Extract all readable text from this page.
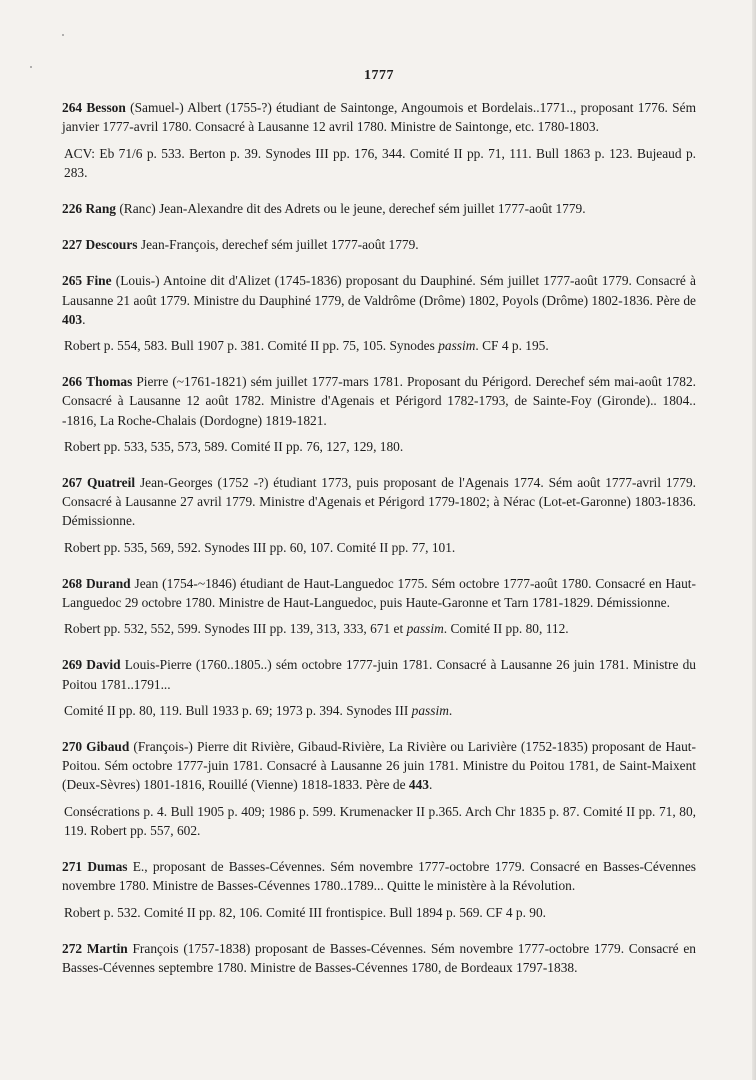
1777

264 Besson (Samuel-) Albert (1755-?) étudiant de Saintonge, Angoumois et Bordelais..1771.., proposant 1776. Sém janvier 1777-avril 1780. Consacré à Lausanne 12 avril 1780. Ministre de Saintonge, etc. 1780-1803.

ACV: Eb 71/6 p. 533. Berton p. 39. Synodes III pp. 176, 344. Comité II pp. 71, 111. Bull 1863 p. 123. Bujeaud p. 283.

226 Rang (Ranc) Jean-Alexandre dit des Adrets ou le jeune, derechef sém juillet 1777-août 1779.

227 Descours Jean-François, derechef sém juillet 1777-août 1779.

265 Fine (Louis-) Antoine dit d'Alizet (1745-1836) proposant du Dauphiné. Sém juillet 1777-août 1779. Consacré à Lausanne 21 août 1779. Ministre du Dauphiné 1779, de Valdrôme (Drôme) 1802, Poyols (Drôme) 1802-1836. Père de 403.

Robert p. 554, 583. Bull 1907 p. 381. Comité II pp. 75, 105. Synodes passim. CF 4 p. 195.

266 Thomas Pierre (~1761-1821) sém juillet 1777-mars 1781. Proposant du Périgord. Derechef sém mai-août 1782. Consacré à Lausanne 12 août 1782. Ministre d'Agenais et Périgord 1782-1793, de Sainte-Foy (Gironde).. 1804.. -1816, La Roche-Chalais (Dordogne) 1819-1821.

Robert pp. 533, 535, 573, 589. Comité II pp. 76, 127, 129, 180.

267 Quatreil Jean-Georges (1752 -?) étudiant 1773, puis proposant de l'Agenais 1774. Sém août 1777-avril 1779. Consacré à Lausanne 27 avril 1779. Ministre d'Agenais et Périgord 1779-1802; à Nérac (Lot-et-Garonne) 1803-1836. Démissionne.

Robert pp. 535, 569, 592. Synodes III pp. 60, 107. Comité II pp. 77, 101.

268 Durand Jean (1754-~1846) étudiant de Haut-Languedoc 1775. Sém octobre 1777-août 1780. Consacré en Haut-Languedoc 29 octobre 1780. Ministre de Haut-Languedoc, puis Haute-Garonne et Tarn 1781-1829. Démissionne.

Robert pp. 532, 552, 599. Synodes III pp. 139, 313, 333, 671 et passim. Comité II pp. 80, 112.

269 David Louis-Pierre (1760..1805..) sém octobre 1777-juin 1781. Consacré à Lausanne 26 juin 1781. Ministre du Poitou 1781..1791...

Comité II pp. 80, 119. Bull 1933 p. 69; 1973 p. 394. Synodes III passim.

270 Gibaud (François-) Pierre dit Rivière, Gibaud-Rivière, La Rivière ou Larivière (1752-1835) proposant de Haut-Poitou. Sém octobre 1777-juin 1781. Consacré à Lausanne 26 juin 1781. Ministre du Poitou 1781, de Saint-Maixent (Deux-Sèvres) 1801-1816, Rouillé (Vienne) 1818-1833. Père de 443.

Consécrations p. 4. Bull 1905 p. 409; 1986 p. 599. Krumenacker II p.365. Arch Chr 1835 p. 87. Comité II pp. 71, 80, 119. Robert pp. 557, 602.

271 Dumas E., proposant de Basses-Cévennes. Sém novembre 1777-octobre 1779. Consacré en Basses-Cévennes novembre 1780. Ministre de Basses-Cévennes 1780..1789... Quitte le ministère à la Révolution.

Robert p. 532. Comité II pp. 82, 106. Comité III frontispice. Bull 1894 p. 569. CF 4 p. 90.

272 Martin François (1757-1838) proposant de Basses-Cévennes. Sém novembre 1777-octobre 1779. Consacré en Basses-Cévennes septembre 1780. Ministre de Basses-Cévennes 1780, de Bordeaux 1797-1838.
